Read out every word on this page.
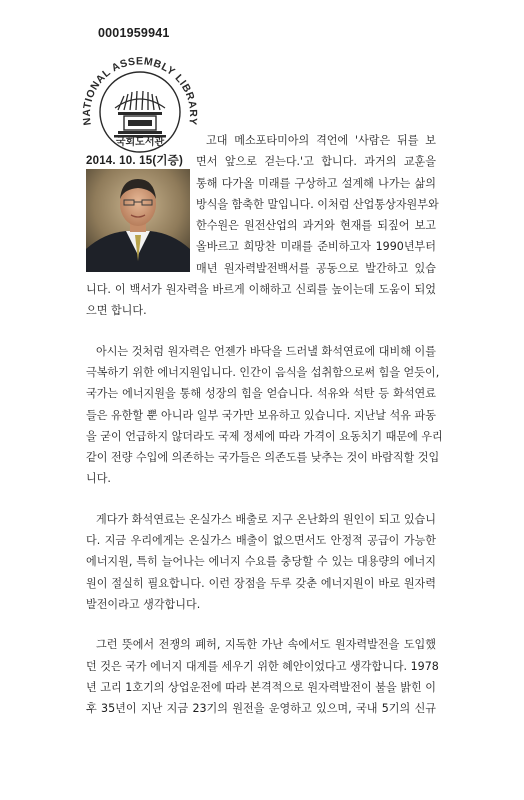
NATIONAL ASSEMBLY LIBRARY
국회도서관
0001959941
2014. 10. 15(기증)
고대 메소포타미아의 격언에 '사람은 뒤를 보
면서 앞으로 걷는다.'고 합니다. 과거의 교훈을
통해 다가올 미래를 구상하고 설계해 나가는 삶의
방식을 함축한 말입니다. 이처럼 산업통상자원부와
한수원은 원전산업의 과거와 현재를 되짚어 보고
올바르고 희망찬 미래를 준비하고자 1990년부터
매년 원자력발전백서를 공동으로 발간하고 있습
니다. 이 백서가 원자력을 바르게 이해하고 신뢰를 높이는데 도움이 되었
으면 합니다.
아시는 것처럼 원자력은 언젠가 바닥을 드러낼 화석연료에 대비해 이를
극복하기 위한 에너지원입니다. 인간이 음식을 섭취함으로써 힘을 얻듯이,
국가는 에너지원을 통해 성장의 힘을 얻습니다. 석유와 석탄 등 화석연료
들은 유한할 뿐 아니라 일부 국가만 보유하고 있습니다. 지난날 석유 파동
을 굳이 언급하지 않더라도 국제 정세에 따라 가격이 요동치기 때문에 우리
같이 전량 수입에 의존하는 국가들은 의존도를 낮추는 것이 바람직할 것입
니다.
게다가 화석연료는 온실가스 배출로 지구 온난화의 원인이 되고 있습니
다. 지금 우리에게는 온실가스 배출이 없으면서도 안정적 공급이 가능한
에너지원, 특히 늘어나는 에너지 수요를 충당할 수 있는 대용량의 에너지
원이 절실히 필요합니다. 이런 장점을 두루 갖춘 에너지원이 바로 원자력
발전이라고 생각합니다.
그런 뜻에서 전쟁의 폐허, 지독한 가난 속에서도 원자력발전을 도입했
던 것은 국가 에너지 대계를 세우기 위한 혜안이었다고 생각합니다. 1978
년 고리 1호기의 상업운전에 따라 본격적으로 원자력발전이 불을 밝힌 이
후 35년이 지난 지금 23기의 원전을 운영하고 있으며, 국내 5기의 신규
